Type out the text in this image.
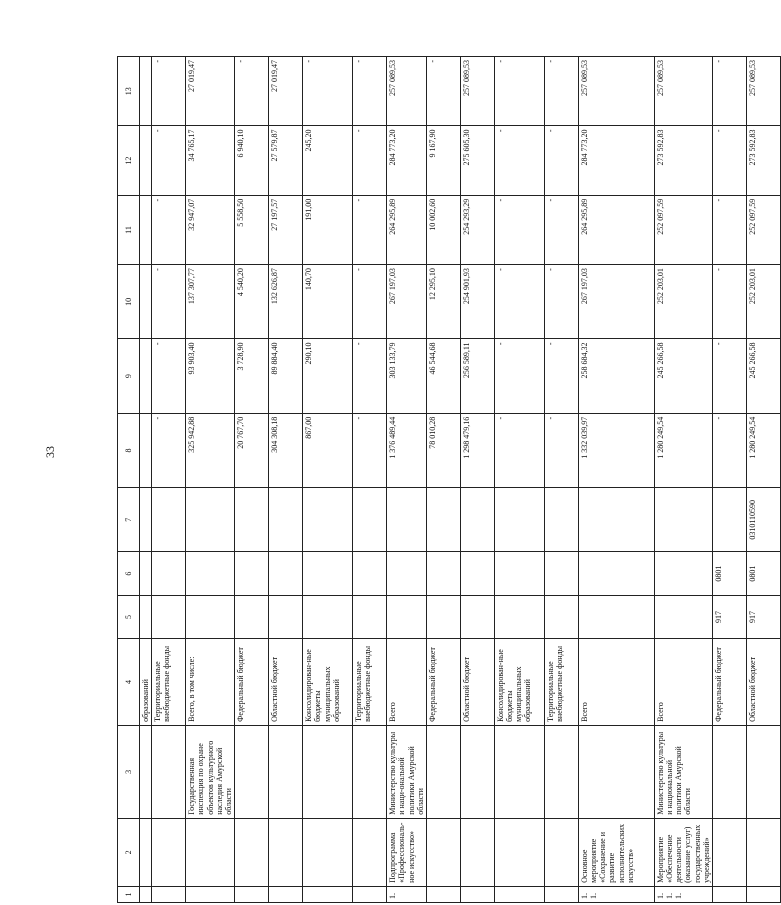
33
1	2	3	4	5	6	7	8	9	10	11	12	13
			образований									
			Территориальные внебюджетные фонды				-	-	-	-	-	-
		Государственная инспекция по охране объектов культурного наследия Амурской области	Всего, в том числе:				325 942,88	93 903,40	137 307,77	32 947,07	34 765,17	27 019,47
			Федеральный бюджет				20 767,70	3 728,90	4 540,20	5 558,50	6 940,10	-
			Областной бюджет				304 308,18	89 884,40	132 626,87	27 197,57	27 579,87	27 019,47
			Консолидирован-ные бюджеты муниципальных образований				867,00	290,10	140,70	191,00	245,20	-
			Территориальные внебюджетные фонды				-	-	-	-	-	-
1.	Подпрограмма «Профессиональ-ное искусство»	Министерство культуры и наци-ональной политики Амурской области	Всего				1 376 489,44	303 133,79	267 197,03	264 295,89	284 773,20	257 089,53
			Федеральный бюджет				78 010,28	46 544,68	12 295,10	10 002,60	9 167,90	-
			Областной бюджет				1 298 479,16	256 589,11	254 901,93	254 293,29	275 605,30	257 089,53
			Консолидирован-ные бюджеты муниципальных образований				-	-	-	-	-	-
			Территориальные внебюджетные фонды				-	-	-	-	-	-
1.1.	Основное мероприятие «Сохранение и развитие исполнительских искусств»		Всего				1 332 039,97	258 684,32	267 197,03	264 295,89	284 773,20	257 089,53
1.1.1.	Мероприятие «Обеспечение деятельности (оказание услуг) государственных учреждений»	Министерство культуры и национальной политики Амурской области	Всего				1 280 249,54	245 266,58	252 203,01	252 097,59	273 592,83	257 089,53
			Федеральный бюджет	917	0801		-	-	-	-	-	-
			Областной бюджет	917	0801	0310110590	1 280 249,54	245 266,58	252 203,01	252 097,59	273 592,83	257 089,53
